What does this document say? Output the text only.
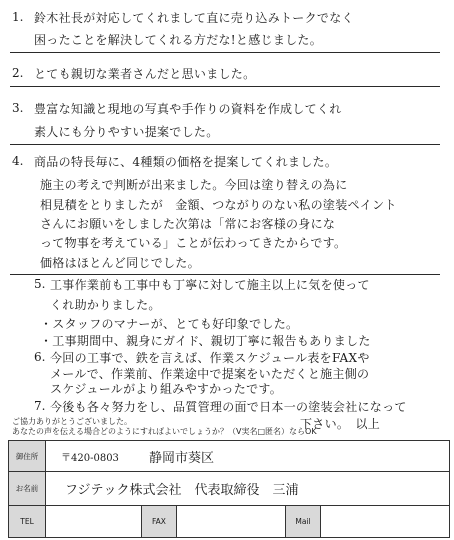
1. 鈴木社長が対応してくれまして直に売り込みトークでなく
困ったことを解決してくれる方だな!と感じました。
2. とても親切な業者さんだと思いました。
3. 豊富な知識と現地の写真や手作りの資料を作成してくれ
素人にも分りやすい提案でした。
4. 商品の特長毎に、4種類の価格を提案してくれました。
施主の考えで判断が出来ました。今回は塗り替えの為に
相見積をとりましたが　金額、つながりのない私の塗装ペイント
さんにお願いをしました次第は「常にお客様の身にな
って物事を考えている」ことが伝わってきたからです。
価格はほとんど同じでした。
5. 工事作業前も工事中も丁寧に対して施主以上に気を使って
くれ助かりました。
・スタッフのマナーが、とても好印象でした。
・工事期間中、親身にガイド、親切丁寧に報告もありました
6. 今回の工事で、鉄を言えば、作業スケジュール表をFAXや
メールで、作業前、作業途中で提案をいただくと施主側の
スケジュールがより組みやすかったです。
7. 今後も各々努力をし、品質管理の面で日本一の塗装会社になって
下さい。　以上
ご協力ありがとうございました。
あなたの声を伝える場合どのようにすればよいでしょうか？（V実名□匿名）ならOK
御住所	〒420-0803 静岡市葵区
お名前	フジテック株式会社　代表取締役　三浦
TEL	FAX	Mail
